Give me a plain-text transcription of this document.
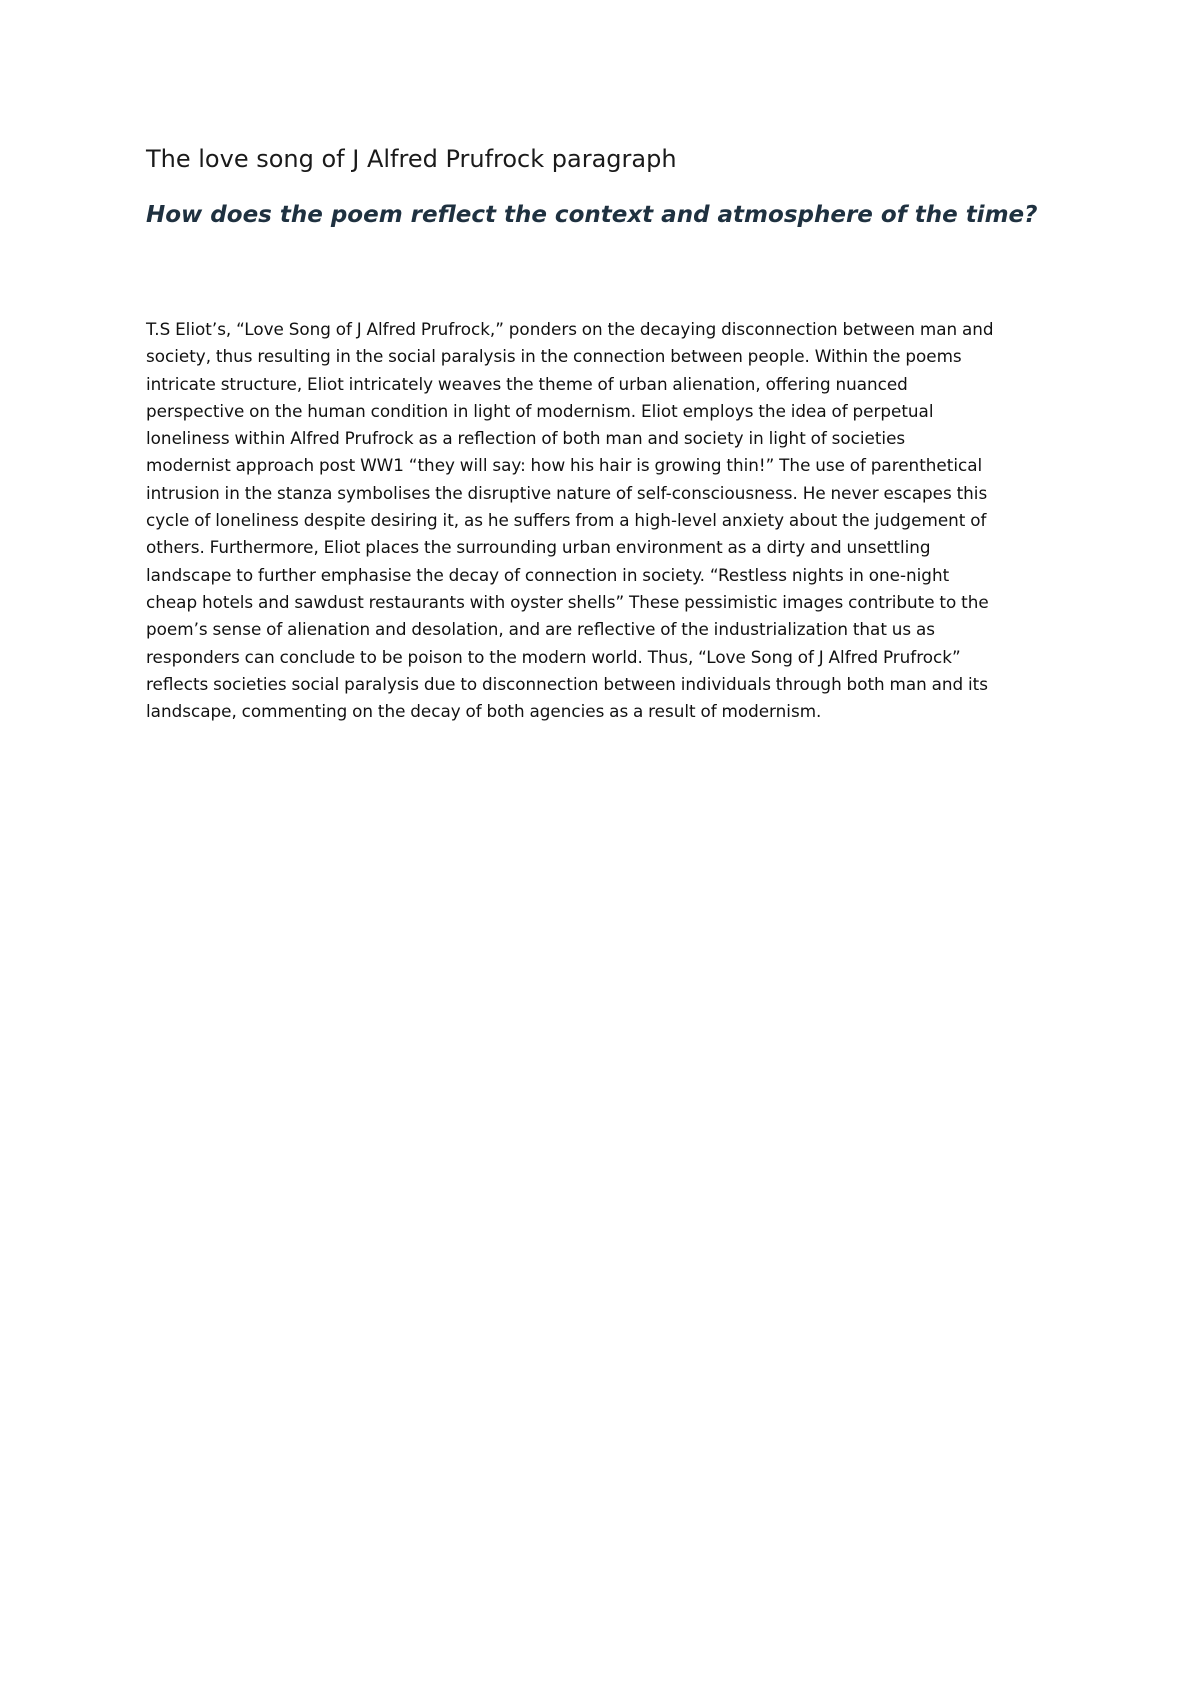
The love song of J Alfred Prufrock paragraph
How does the poem reflect the context and atmosphere of the time?

T.S Eliot’s, “Love Song of J Alfred Prufrock,” ponders on the decaying disconnection between man and
society, thus resulting in the social paralysis in the connection between people. Within the poems
intricate structure, Eliot intricately weaves the theme of urban alienation, offering nuanced
perspective on the human condition in light of modernism. Eliot employs the idea of perpetual
loneliness within Alfred Prufrock as a reflection of both man and society in light of societies
modernist approach post WW1 “they will say: how his hair is growing thin!” The use of parenthetical
intrusion in the stanza symbolises the disruptive nature of self-consciousness. He never escapes this
cycle of loneliness despite desiring it, as he suffers from a high-level anxiety about the judgement of
others. Furthermore, Eliot places the surrounding urban environment as a dirty and unsettling
landscape to further emphasise the decay of connection in society. “Restless nights in one-night
cheap hotels and sawdust restaurants with oyster shells” These pessimistic images contribute to the
poem’s sense of alienation and desolation, and are reflective of the industrialization that us as
responders can conclude to be poison to the modern world. Thus, “Love Song of J Alfred Prufrock”
reflects societies social paralysis due to disconnection between individuals through both man and its
landscape, commenting on the decay of both agencies as a result of modernism.
